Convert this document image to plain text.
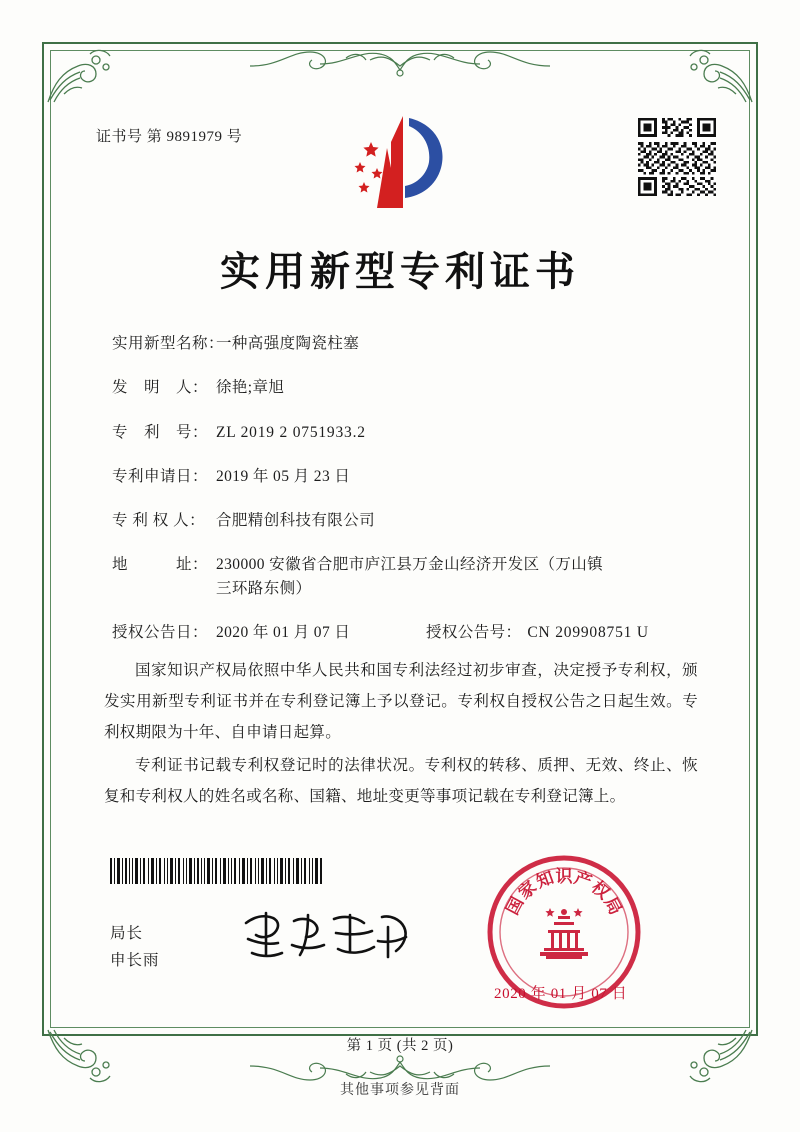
证书号 第 9891979 号
实用新型专利证书
实用新型名称：
一种高强度陶瓷柱塞
发　明　人： 徐艳;章旭
专　利　号： ZL 2019 2 0751933.2
专利申请日： 2019 年 05 月 23 日
专 利 权 人： 合肥精创科技有限公司
地　　　址： 230000 安徽省合肥市庐江县万金山经济开发区（万山镇
三环路东侧）
授权公告日： 2020 年 01 月 07 日	授权公告号： CN 209908751 U

国家知识产权局依照中华人民共和国专利法经过初步审查，决定授予专利权，颁发实用新型专利证书并在专利登记簿上予以登记。专利权自授权公告之日起生效。专利权期限为十年、自申请日起算。

专利证书记载专利权登记时的法律状况。专利权的转移、质押、无效、终止、恢复和专利权人的姓名或名称、国籍、地址变更等事项记载在专利登记簿上。

局长
申长雨
国
家
知
识
产
权
局
2020 年 01 月 07 日
第 1 页 (共 2 页)
其他事项参见背面
